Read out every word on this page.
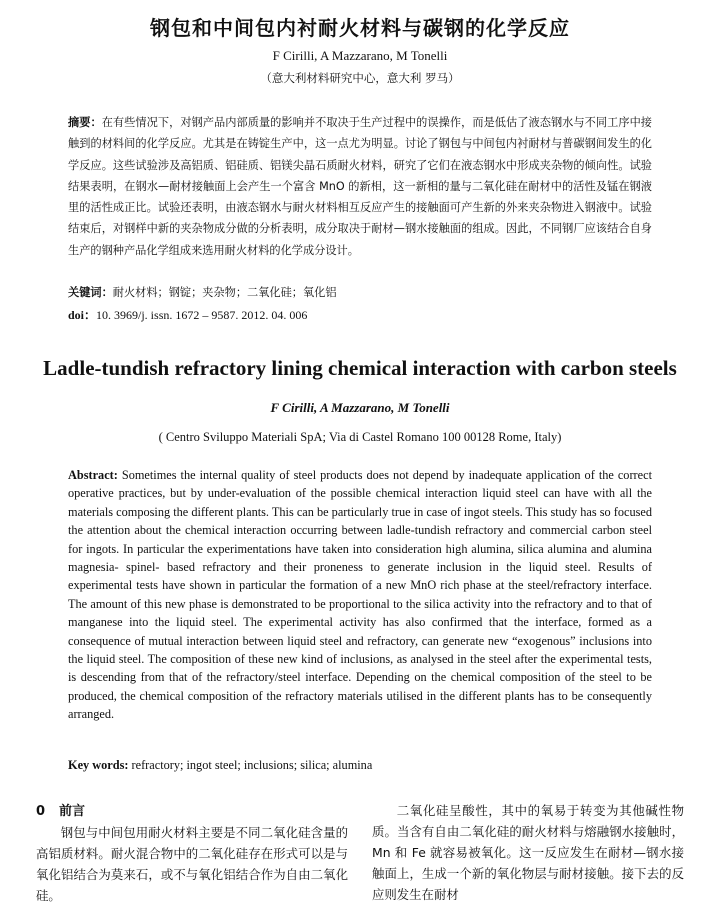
钢包和中间包内衬耐火材料与碳钢的化学反应
F Cirilli, A Mazzarano, M Tonelli
（意大利材料研究中心，意大利 罗马）
摘要：在有些情况下，对钢产品内部质量的影响并不取决于生产过程中的误操作，而是低估了液态钢水与不同工序中接触到的材料间的化学反应。尤其是在铸锭生产中，这一点尤为明显。讨论了钢包与中间包内衬耐材与普碳钢间发生的化学反应。这些试验涉及高铝质、铝硅质、铝镁尖晶石质耐火材料，研究了它们在液态钢水中形成夹杂物的倾向性。试验结果表明，在钢水—耐材接触面上会产生一个富含 MnO 的新相，这一新相的量与二氧化硅在耐材中的活性及锰在钢液里的活性成正比。试验还表明，由液态钢水与耐火材料相互反应产生的接触面可产生新的外来夹杂物进入钢液中。试验结束后，对钢样中新的夹杂物成分做的分析表明，成分取决于耐材—钢水接触面的组成。因此，不同钢厂应该结合自身生产的钢种产品化学组成来选用耐火材料的化学成分设计。
关键词：耐火材料；钢锭；夹杂物；二氧化硅；氧化铝
doi：10. 3969/j. issn. 1672 – 9587. 2012. 04. 006
Ladle-tundish refractory lining chemical interaction with carbon steels
F Cirilli, A Mazzarano, M Tonelli
( Centro Sviluppo Materiali SpA; Via di Castel Romano 100 00128 Rome, Italy)
Abstract: Sometimes the internal quality of steel products does not depend by inadequate application of the correct operative practices, but by under-evaluation of the possible chemical interaction liquid steel can have with all the materials composing the different plants. This can be particularly true in case of ingot steels. This study has so focused the attention about the chemical interaction occurring between ladle-tundish refractory and commercial carbon steel for ingots. In particular the experimentations have taken into consideration high alumina, silica alumina and alumina magnesia- spinel- based refractory and their proneness to generate inclusion in the liquid steel. Results of experimental tests have shown in particular the formation of a new MnO rich phase at the steel/refractory interface. The amount of this new phase is demonstrated to be proportional to the silica activity into the refractory and to that of manganese into the liquid steel. The experimental activity has also confirmed that the interface, formed as a consequence of mutual interaction between liquid steel and refractory, can generate new “exogenous” inclusions into the liquid steel. The composition of these new kind of inclusions, as analysed in the steel after the experimental tests, is descending from that of the refractory/steel interface. Depending on the chemical composition of the steel to be produced, the chemical composition of the refractory materials utilised in the different plants has to be consequently arranged.
Key words: refractory; ingot steel; inclusions; silica; alumina
0 前言
钢包与中间包用耐火材料主要是不同二氧化硅含量的高铝质材料。耐火混合物中的二氧化硅存在形式可以是与氧化铝结合为莫来石，或不与氧化铝结合作为自由二氧化硅。
二氧化硅呈酸性，其中的氧易于转变为其他碱性物质。当含有自由二氧化硅的耐火材料与熔融钢水接触时，Mn 和 Fe 就容易被氧化。这一反应发生在耐材—钢水接触面上，生成一个新的氧化物层与耐材接触。接下去的反应则发生在耐材
